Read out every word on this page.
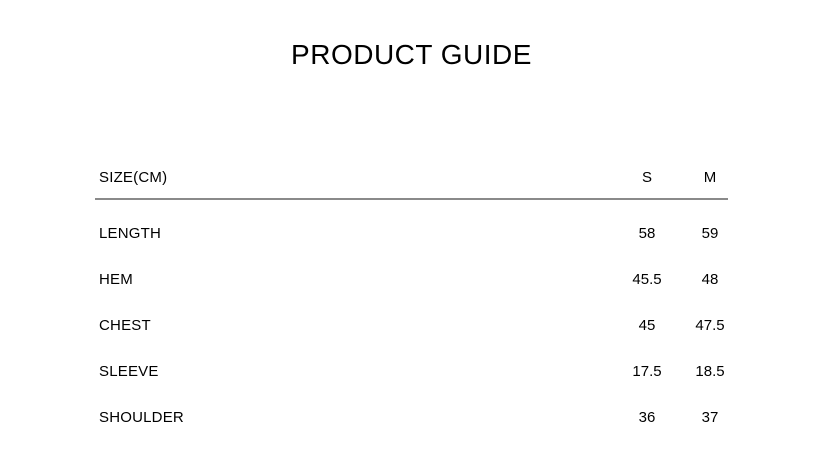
PRODUCT GUIDE
SIZE(CM)	S	M
LENGTH	58	59
HEM	45.5	48
CHEST	45	47.5
SLEEVE	17.5	18.5
SHOULDER	36	37
